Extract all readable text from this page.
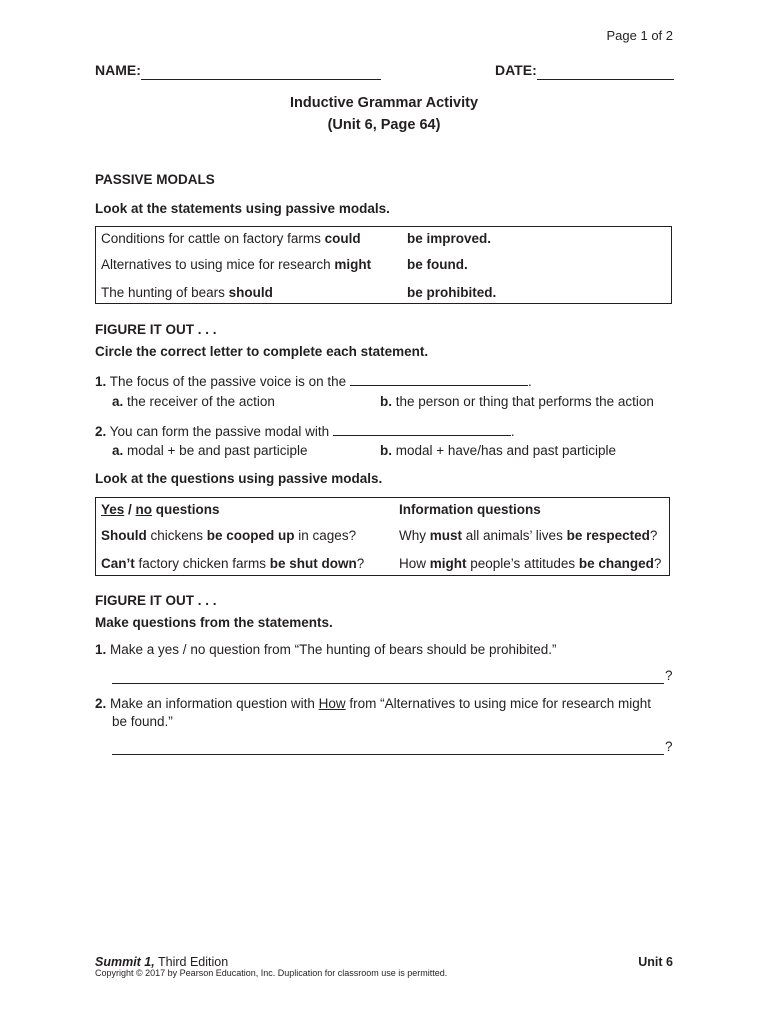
Page 1 of 2
NAME:	DATE:
Inductive Grammar Activity
(Unit 6, Page 64)
PASSIVE MODALS
Look at the statements using passive modals.
Conditions for cattle on factory farms could	be improved.
Alternatives to using mice for research might	be found.
The hunting of bears should	be prohibited.
FIGURE IT OUT . . .
Circle the correct letter to complete each statement.
1. The focus of the passive voice is on the	.
a. the receiver of the action	b. the person or thing that performs the action
2. You can form the passive modal with	.
a. modal + be and past participle	b. modal + have/has and past participle
Look at the questions using passive modals.
Yes / no questions	Information questions
Should chickens be cooped up in cages?	Why must all animals’ lives be respected?
Can’t factory chicken farms be shut down?	How might people’s attitudes be changed?
FIGURE IT OUT . . .
Make questions from the statements.
1. Make a yes / no question from “The hunting of bears should be prohibited.”
?
2. Make an information question with How from “Alternatives to using mice for research might
be found.”
?
Summit 1, Third Edition	Unit 6
Copyright © 2017 by Pearson Education, Inc. Duplication for classroom use is permitted.
